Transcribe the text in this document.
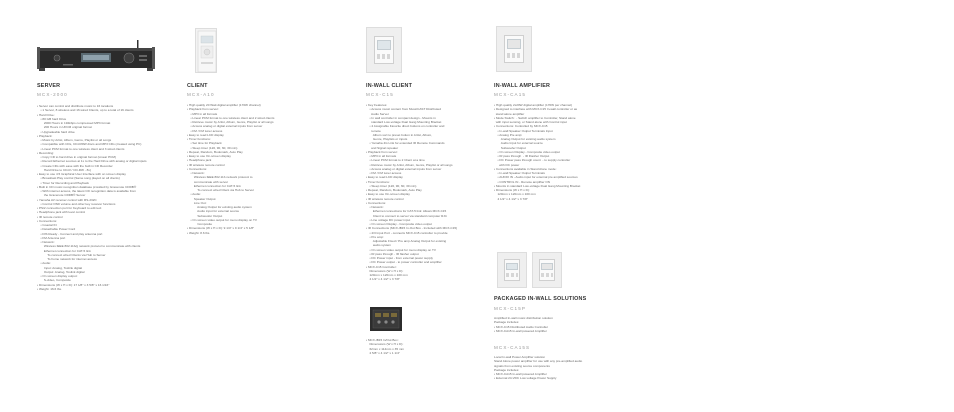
SERVER
MCX-2000
• Server can control and distribute music to 16 locations
• 1 Server, 8 wireless and 16 wired Clients, up to a total of 16 clients
• Hard Drive:
• 80 GB hard Drive
2000 Hours in 192kbps compressed MP3 format
200 Hours in UFCM original format
• Upgradeable hard drive
• Playback:
• Music by Artist, Album, Genre, Playlist or all songs
• Compatible with CDs, CD-R/RW discs and MP3 CDs (created using PC)
• Linear PCM format to one wireless client and 3 wired clients
• Recording:
• Copy CD to hard drive in original format (Linear PCM)
• Record Ethernet sources at 1x to the Hard Drive with analog or digital inputs
• Create CDs with ease with the built in CD Recorder
Hard Drive to CD-R / CD-RW - 8x)
• Easy to use 4.5 Graphical User Interface with on screen display
• Broadcast Play control (Same song played on all clients)
• Timer for Recording and Playback
• Built in CD music recognition database provided by Gracenote CDDB®
• With internet access, the latest CD recognition data is available from
the Gracenote CDDB® Server
• Yamaha AV receiver control with RS-232C
• Control OSD volume and other key receiver functions
• PS/2 connection port for Keyboard to edit text
• Headphone jack with level control
• IR remote control
• Connections:
• Coaxial IN
• Detachable Power Cord
• DIS Ready - Connect and play antenna port
• FM Antenna port
• Network:
Wireless IEEE 802.11b/g network protocol to communicate with clients
Ethernet connection for CAT-5 link
To connect wired Clients via Hub to Server
To home network for internet access
• Audio:
Input: Analog, Toslink digital
Output: Analog, Toslink digital
• On screen display output:
S-video, Composite
• Dimensions (W x H x D): 17 1/8" x 3 5/8" x 16 1/16"
• Weight: 16.6 lbs.
CLIENT
MCX-A10
• High quality 20 Watt digital amplifier (170W channel)
• Playback from server:
• MP3 in all formats
• Linear PCM format to one wireless client and 2 wired clients
• Retrieve music by Artist, Album, Genre, Playlist or all songs
• Access analog or digital external inputs from server
• FM / FM tuner access
• Easy to read LCD display
• Timer functions:
• Set time for Playback
• Sleep timer (120, 90, 60, 30 min)
• Repeat, Random, Bookmark, Auto Play
• Easy to use On-screen display
• Headphone jack
• IR wireless remote control
• Connections:
• Network:
Wireless IEEE 802.11b network protocol to
communicate with server
Ethernet connection for CAT-5 link
To connect wired Client via Hub to Server
• Audio:
Speaker Output
Line Out:
Analog Output for existing audio system
Audio input for external source
Subwoofer Output
• On screen video output for menu display on TV
Composite
• Dimensions (W x H x D): 9 1/4" x 9 1/4" x 5 1/8"
• Weight: 8.6 lbs.
IN-WALL CLIENT
MCX-C15
• Key Features:
• Access music content from MusicCAST Distributed
Audio Server
• In wall controller in compact design - Mounts in
standard Low-voltage Dual Gang Mounting Bracket
• 4 Assignable Favorite direct buttons on controller and
remote
Album sort to preset button in Artist, Album,
Genre, Playlists or inputs
• Yamaha 4G Link for extended IR Remote Commands
and Signal repeater
• Playback from server:
• MP3 in all formats
• Linear PCM format to 2 Client at a time
• Retrieve music by Artist, Album, Genre, Playlist or all songs
• Access analog or digital external inputs from server
• FM / FM tuner access
• Easy to read LCD display
• Timer functions:
• Sleep timer (120, 90, 60, 30 min)
• Repeat, Random, Bookmark, Auto Play
• Easy to use On-screen display
• IR wireless remote control
• Connections:
• Network:
Ethernet connections for CAT-5 link: Allows MCX-C15
Client to connect to server via standard computer RJ4
• Line voltage DC power input
• On screen Display - Composite video output
• IR Connections (MCX-IB15 In-Out Box - Included with MCX-C15)
• 4/3 Input Port - connects MCX-C15 controller to provide
• Pre amp:
Adjustable Fixed / Pre amp Analog Output for existing
audio system
• On screen video output for menu display on TV
• IR pass through - IR flasher output
• DC Power input - from external power supply
• DC Power output - to power controller and amplifier
• MCX-C15 Controller:
Dimensions (W x H x D):
120mm x 120mm x 100 mm
4 1/2" x 4 1/2" x 3 7/8"
• MCX-IB15 In/Out Box:
Dimensions (W x H x D):
62mm x 114mm x 35 mm
2 5/8" x 4 1/2" x 1 1/4"
IN-WALL AMPLIFIER
MCX-CA15
• High quality 2x20W digital amplifier (170W per channel)
• Designed to interface with MCX-C15 In-wall controller or as
stand alone amplifier
• Mode Switch:  - Switch amplifier to Controller, Stand alone
with input sensing, or Stand alone with Control input
• Connections: Controlled by MCX-C15
• In-wall Speaker Output Terminals Input
• Analog Pre amp:
Analog Output for existing audio system
Audio Input for external source
Subwoofer Output
• On screen Display - Composite video output
• IR pass through  - IR Flasher Output
• DC Power pass through count  - to supply controller
with DC power
• Connections available in Stand Alone mode:
• In-wall Speaker Output Terminals
• AUDIO IN - Audio input for external pre amplified sources
• CONTROL IN - Remote amplifier ON
• Mounts in standard Low-voltage Dual Gang Mounting Bracket
• Dimensions (W x H x D):
120mm x 120mm x 100 mm
4 1/2" x 4 1/2" x 3 7/8"
PACKAGED IN-WALL SOLUTIONS
MCX-C15P

Amplified In-wall music distribution solution

Package includes:

• MCX-C15 Distributed Audio Controller

• MCX-CA15 In-wall powered Amplifier

MCX-CA15S

Local In-wall Power Amplifier solution

Stand Alone power amplifier for use with any pre-amplified audio

signals from existing source components

Package includes:

• MCX-CA15 In-wall powered Amplifier

• External 24-VDC Low voltage Power Supply
